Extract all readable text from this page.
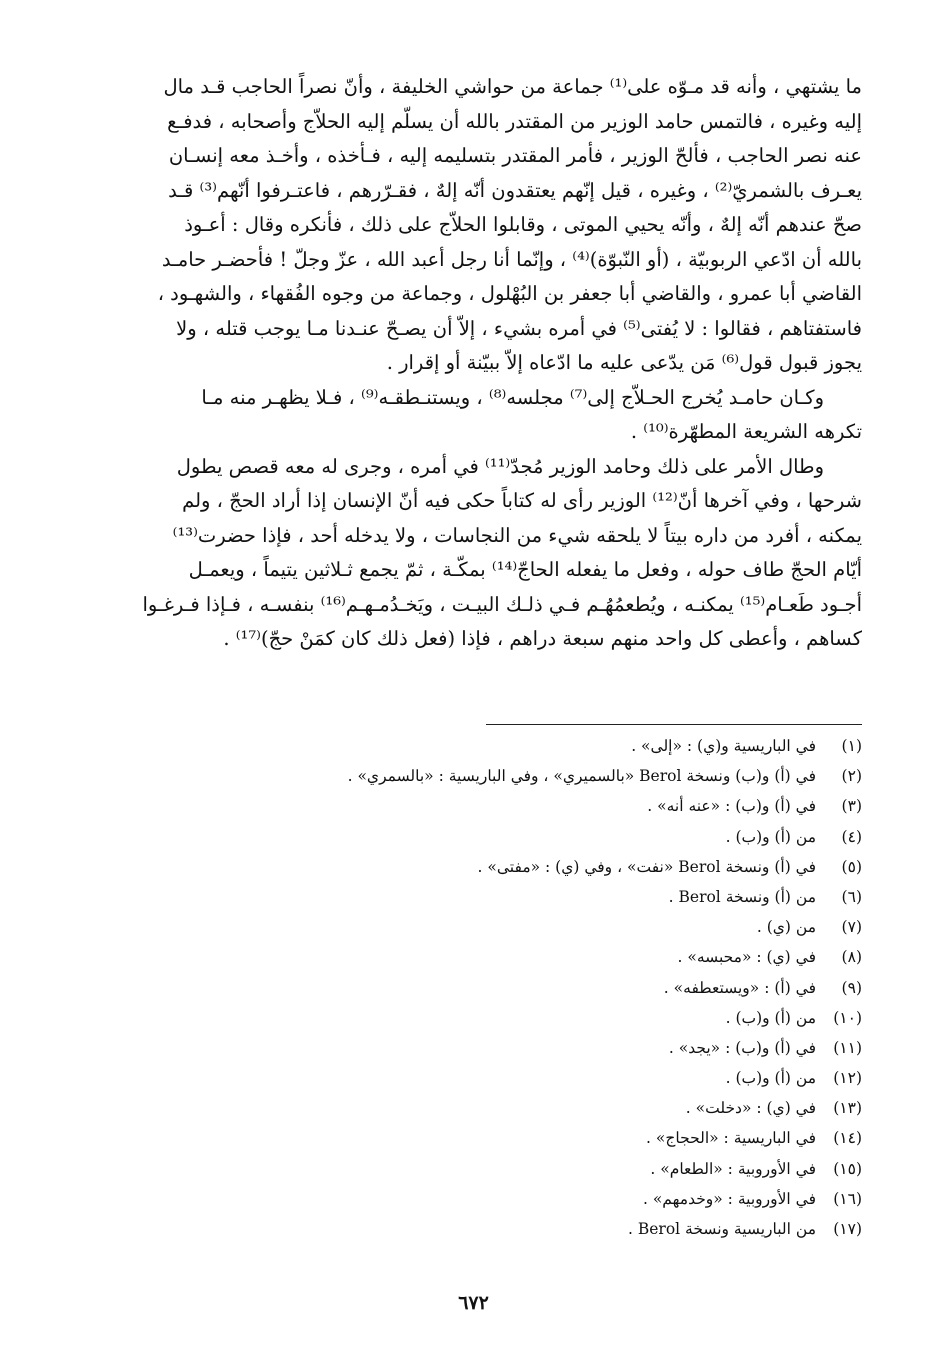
ما يشتهي ، وأنه قد مـوّه على⁽¹⁾ جماعة من حواشي الخليفة ، وأنّ نصراً الحاجب قـد مال
إليه وغيره ، فالتمس حامد الوزير من المقتدر بالله أن يسلّم إليه الحلاّج وأصحابه ، فدفـع
عنه نصر الحاجب ، فألحّ الوزير ، فأمر المقتدر بتسليمه إليه ، فـأخذه ، وأخـذ معه إنسـان
يعـرف بالشمريّ⁽²⁾ ، وغيره ، قيل إنّهم يعتقدون أنّه إلهٌ ، فقـرّرهم ، فاعتـرفوا أنّهم⁽³⁾ قـد
صحّ عندهم أنّه إلهٌ ، وأنّه يحيي الموتى ، وقابلوا الحلاّج على ذلك ، فأنكره وقال : أعـوذ
بالله أن ادّعي الربوبيّة ، (أو النّبوّة)⁽⁴⁾ ، وإنّما أنا رجل أعبد الله ، عزّ وجلّ ! فأحضـر حامـد
القاضي أبا عمرو ، والقاضي أبا جعفر بن البُهْلول ، وجماعة من وجوه الفُقهاء ، والشهـود ،
فاستفتاهم ، فقالوا : لا يُفتى⁽⁵⁾ في أمره بشيء ، إلاّ أن يصـحّ عنـدنا مـا يوجب قتله ، ولا
يجوز قبول قول⁽⁶⁾ مَن يدّعى عليه ما ادّعاه إلاّ ببيّنة أو إقرار .
وكـان حامـد يُخرج الحـلاّج إلى⁽⁷⁾ مجلسه⁽⁸⁾ ، ويستنـطقـه⁽⁹⁾ ، فـلا يظهـر منه مـا
تكرهه الشريعة المطهّرة⁽¹⁰⁾ .
وطال الأمر على ذلك وحامد الوزير مُجدّ⁽¹¹⁾ في أمره ، وجرى له معه قصص يطول
شرحها ، وفي آخرها أنّ⁽¹²⁾ الوزير رأى له كتاباً حكى فيه أنّ الإنسان إذا أراد الحجّ ، ولم
يمكنه ، أفرد من داره بيتاً لا يلحقه شيء من النجاسات ، ولا يدخله أحد ، فإذا حضرت⁽¹³⁾
أيّام الحجّ طاف حوله ، وفعل ما يفعله الحاجّ⁽¹⁴⁾ بمكّـة ، ثمّ يجمع ثـلاثين يتيماً ، ويعمـل
أجـود طَعـام⁽¹⁵⁾ يمكنـه ، ويُطعمُهُـم فـي ذلـك البيـت ، ويَخـدُمـهـم⁽¹⁶⁾ بنفسـه ، فـإذا فـرغـوا
كساهم ، وأعطى كل واحد منهم سبعة دراهم ، فإذا (فعل ذلك كان كمَنْ حجّ)⁽¹⁷⁾ .
(١)في الباريسية و(ي) : «إلى» .
(٢)في (أ) و(ب) ونسخة Berol «بالسميري» ، وفي الباريسية : «بالسمري» .
(٣)في (أ) و(ب) : «عنه أنه» .
(٤)من (أ) و(ب) .
(٥)في (أ) ونسخة Berol «نفت» ، وفي (ي) : «مفتى» .
(٦)من (أ) ونسخة Berol .
(٧)من (ي) .
(٨)في (ي) : «محبسه» .
(٩)في (أ) : «ويستعطفه» .
(١٠)من (أ) و(ب) .
(١١)في (أ) و(ب) : «يجد» .
(١٢)من (أ) و(ب) .
(١٣)في (ي) : «دخلت» .
(١٤)في الباريسية : «الحجاج» .
(١٥)في الأوروبية : «الطعام» .
(١٦)في الأوروبية : «وخدمهم» .
(١٧)من الباريسية ونسخة Berol .
٦٧٢
